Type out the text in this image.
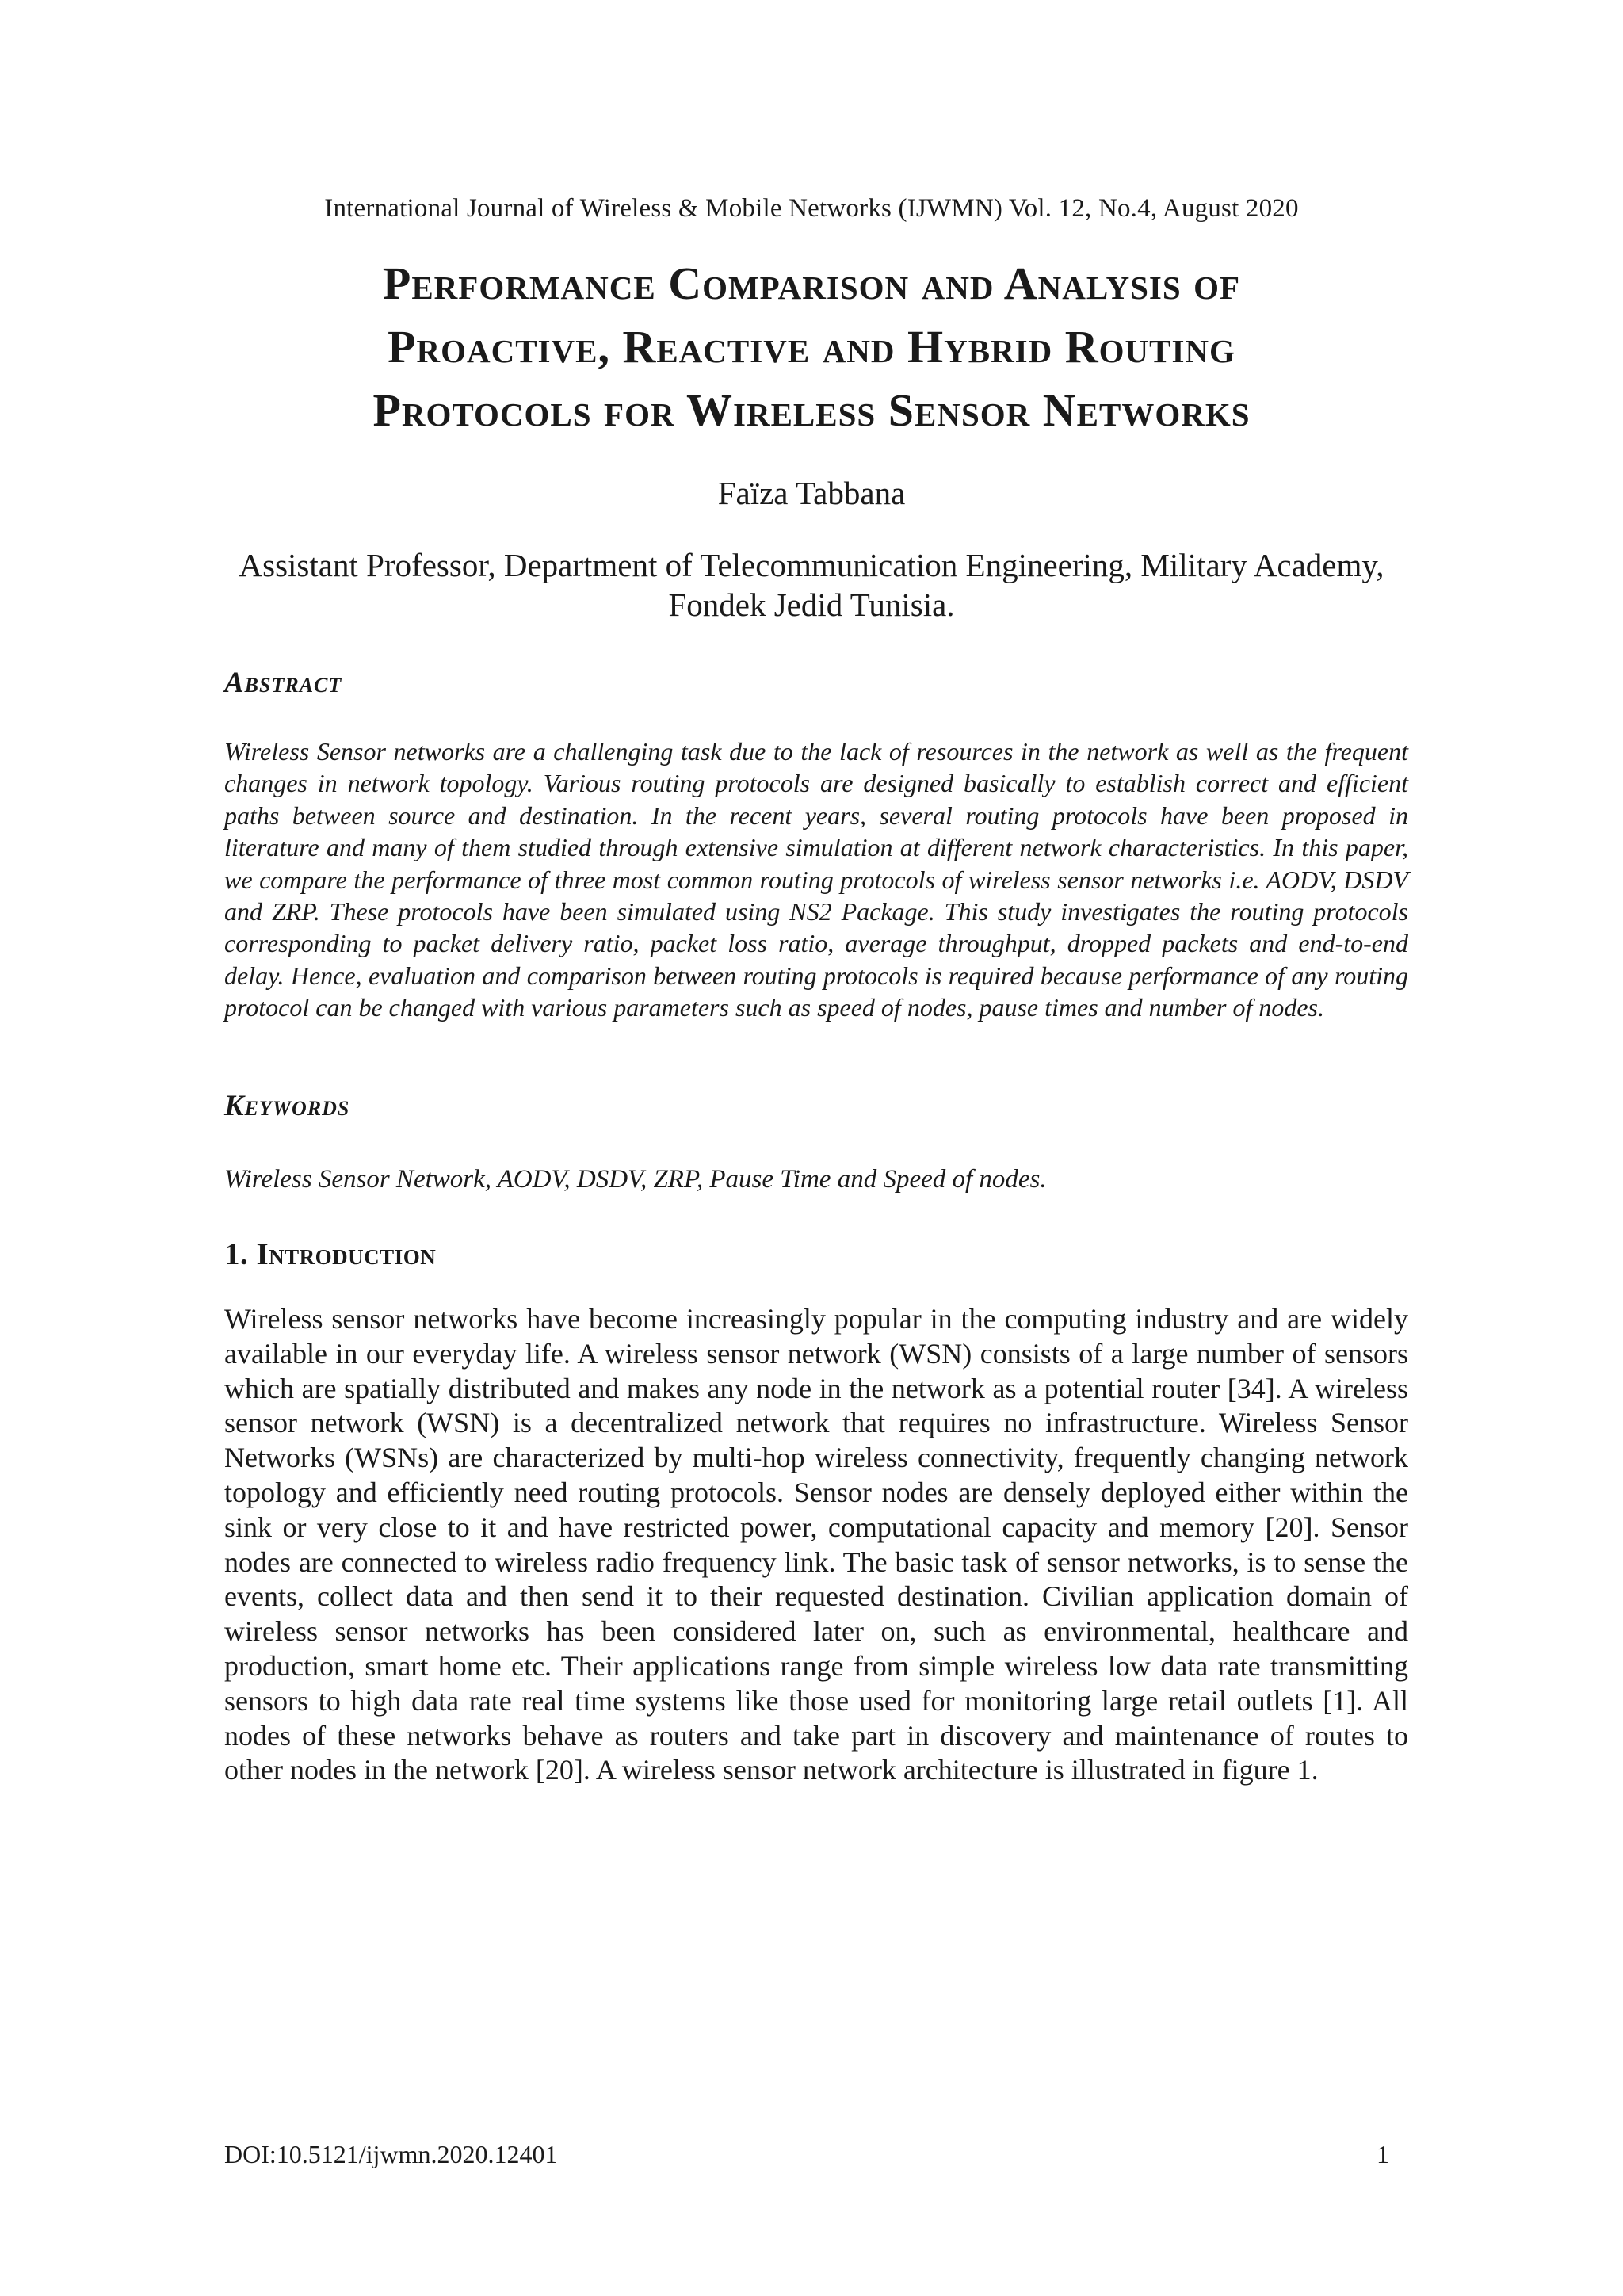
International Journal of Wireless & Mobile Networks (IJWMN) Vol. 12, No.4, August 2020
Performance Comparison and Analysis of
Proactive, Reactive and Hybrid Routing
Protocols for Wireless Sensor Networks
Faïza Tabbana
Assistant Professor, Department of Telecommunication Engineering, Military Academy, Fondek Jedid Tunisia.
Abstract
Wireless Sensor networks are a challenging task due to the lack of resources in the network as well as the frequent changes in network topology. Various routing protocols are designed basically to establish correct and efficient paths between source and destination. In the recent years, several routing protocols have been proposed in literature and many of them studied through extensive simulation at different network characteristics. In this paper, we compare the performance of three most common routing protocols of wireless sensor networks i.e. AODV, DSDV and ZRP. These protocols have been simulated using NS2 Package. This study investigates the routing protocols corresponding to packet delivery ratio, packet loss ratio, average throughput, dropped packets and end-to-end delay. Hence, evaluation and comparison between routing protocols is required because performance of any routing protocol can be changed with various parameters such as speed of nodes, pause times and number of nodes.
Keywords
Wireless Sensor Network, AODV, DSDV, ZRP, Pause Time and Speed of nodes.
1. Introduction
Wireless sensor networks have become increasingly popular in the computing industry and are widely available in our everyday life. A wireless sensor network (WSN) consists of a large number of sensors which are spatially distributed and makes any node in the network as a potential router [34]. A wireless sensor network (WSN) is a decentralized network that requires no infrastructure. Wireless Sensor Networks (WSNs) are characterized by multi-hop wireless connectivity, frequently changing network topology and efficiently need routing protocols. Sensor nodes are densely deployed either within the sink or very close to it and have restricted power, computational capacity and memory [20]. Sensor nodes are connected to wireless radio frequency link. The basic task of sensor networks, is to sense the events, collect data and then send it to their requested destination. Civilian application domain of wireless sensor networks has been considered later on, such as environmental, healthcare and production, smart home etc. Their applications range from simple wireless low data rate transmitting sensors to high data rate real time systems like those used for monitoring large retail outlets [1]. All nodes of these networks behave as routers and take part in discovery and maintenance of routes to other nodes in the network [20]. A wireless sensor network architecture is illustrated in figure 1.
DOI:10.5121/ijwmn.2020.12401	1
